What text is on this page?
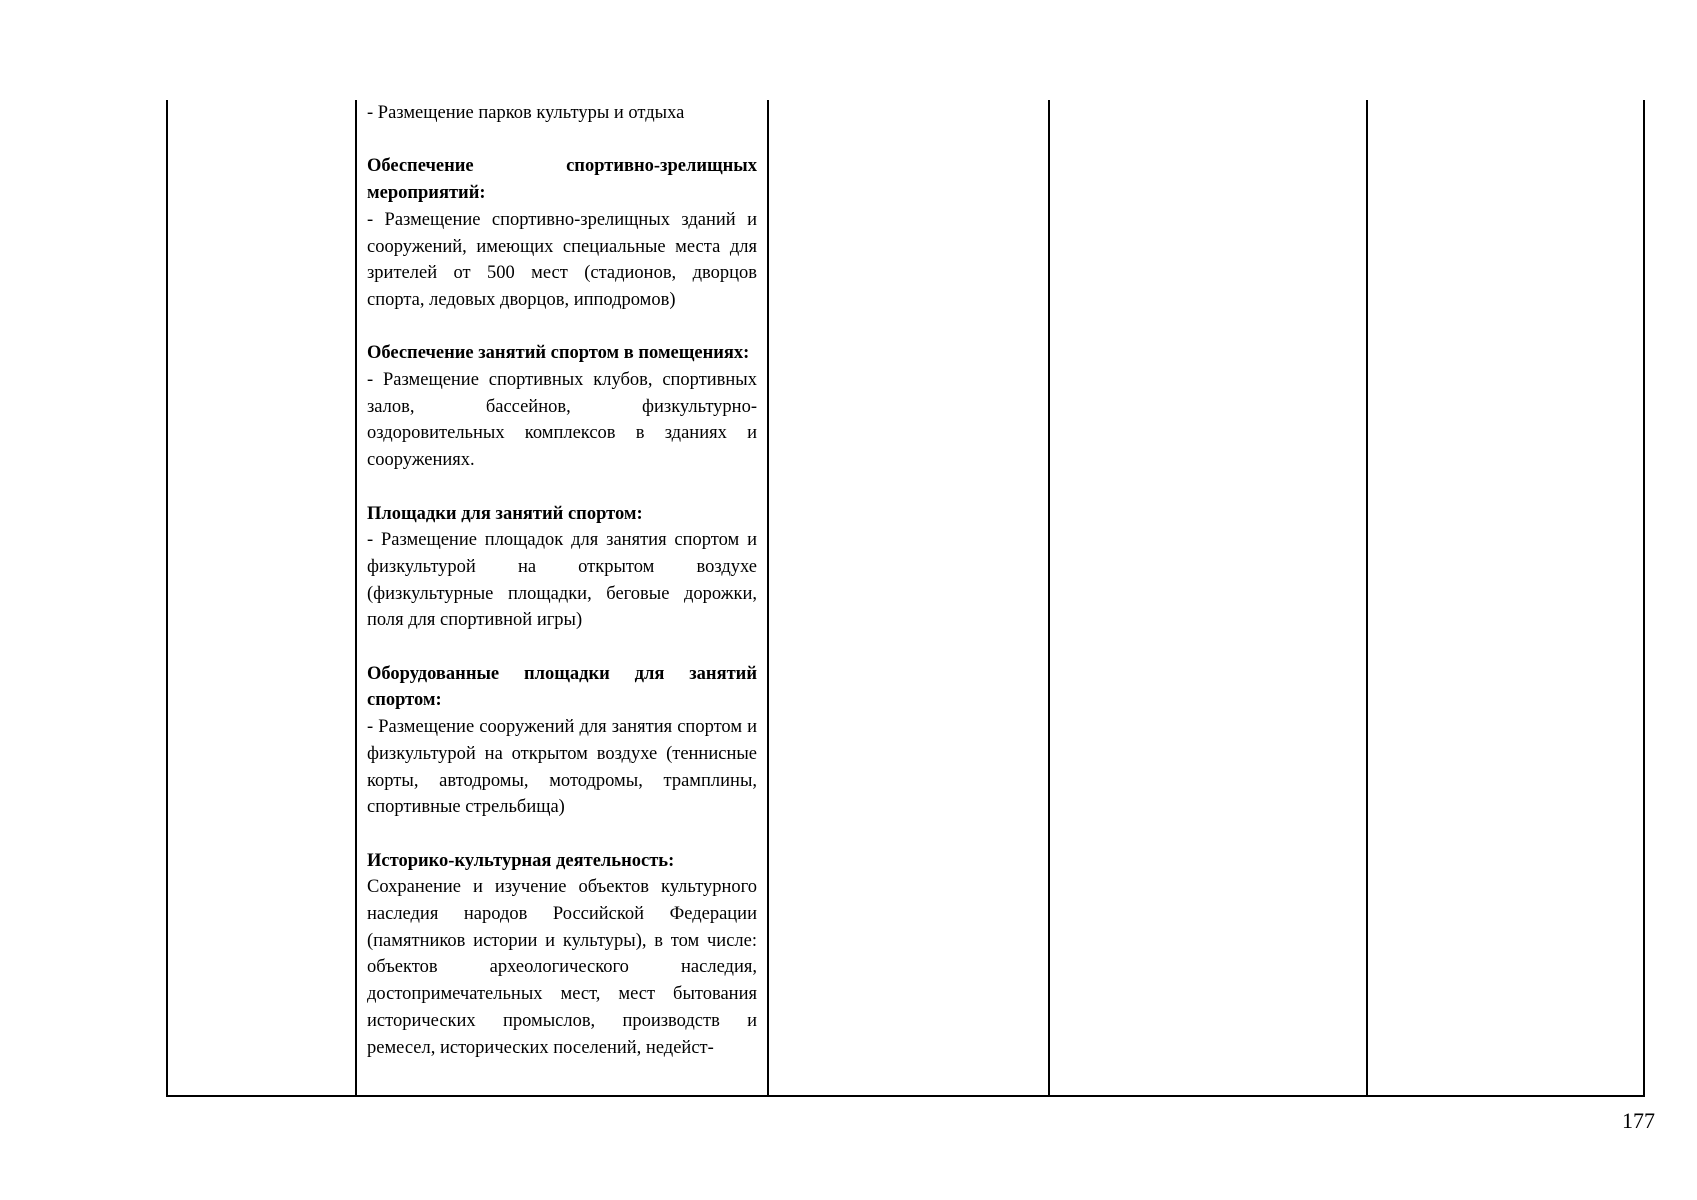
- Размещение парков культуры и отдыха

Обеспечение спортивно-зрелищных мероприятий:

- Размещение спортивно-зрелищных зданий и сооружений, имеющих специальные места для зрителей от 500 мест (стадионов, дворцов спорта, ледовых дворцов, ипподромов)

Обеспечение занятий спортом в помещениях:

- Размещение спортивных клубов, спортивных залов, бассейнов, физкультурно-оздоровительных комплексов в зданиях и сооружениях.

Площадки для занятий спортом:

- Размещение площадок для занятия спортом и физкультурой на открытом воздухе (физкультурные площадки, беговые дорожки, поля для спортивной игры)

Оборудованные площадки для занятий спортом:

- Размещение сооружений для занятия спортом и физкультурой на открытом воздухе (теннисные корты, автодромы, мотодромы, трамплины, спортивные стрельбища)

Историко-культурная деятельность:

Сохранение и изучение объектов культурного наследия народов Российской Федерации (памятников истории и культуры), в том числе: объектов археологического наследия, достопримечательных мест, мест бытования исторических промыслов, производств и ремесел, исторических поселений, недейст-

177
